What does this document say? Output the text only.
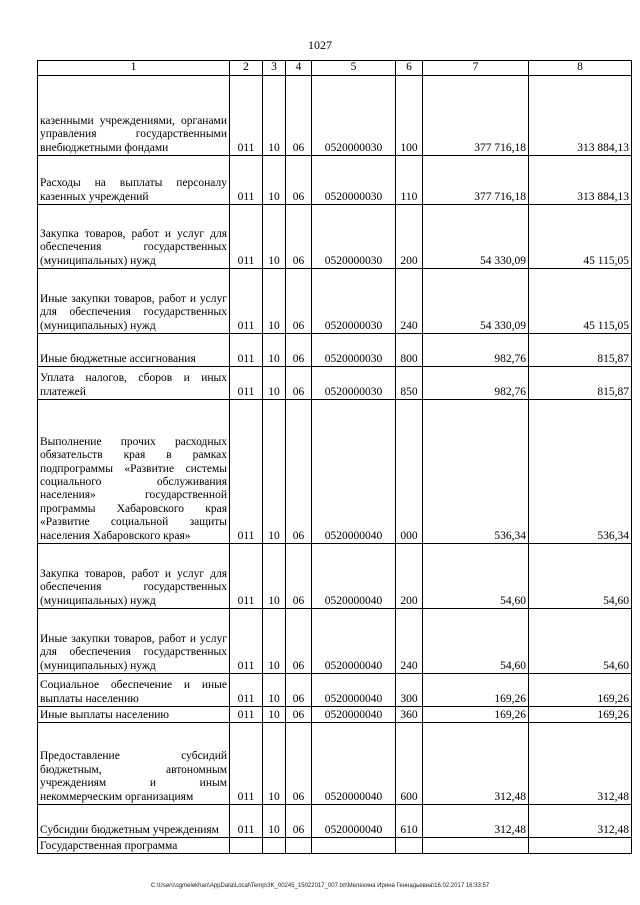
1027
1	2	3	4	5	6	7	8
казенными учреждениями, органами управления государственными внебюджетными фондами	011	10	06	0520000030	100	377 716,18	313 884,13
Расходы на выплаты персоналу казенных учреждений	011	10	06	0520000030	110	377 716,18	313 884,13
Закупка товаров, работ и услуг для обеспечения государственных (муниципальных) нужд	011	10	06	0520000030	200	54 330,09	45 115,05
Иные закупки товаров, работ и услуг для обеспечения государственных (муниципальных) нужд	011	10	06	0520000030	240	54 330,09	45 115,05
Иные бюджетные ассигнования	011	10	06	0520000030	800	982,76	815,87
Уплата налогов, сборов и иных платежей	011	10	06	0520000030	850	982,76	815,87
Выполнение прочих расходных обязательств края в рамках подпрограммы «Развитие системы социального обслуживания населения» государственной программы Хабаровского края «Развитие социальной защиты населения Хабаровского края»	011	10	06	0520000040	000	536,34	536,34
Закупка товаров, работ и услуг для обеспечения государственных (муниципальных) нужд	011	10	06	0520000040	200	54,60	54,60
Иные закупки товаров, работ и услуг для обеспечения государственных (муниципальных) нужд	011	10	06	0520000040	240	54,60	54,60
Социальное обеспечение и иные выплаты населению	011	10	06	0520000040	300	169,26	169,26
Иные выплаты населению	011	10	06	0520000040	360	169,26	169,26
Предоставление субсидий бюджетным, автономным учреждениям и иным некоммерческим организациям	011	10	06	0520000040	600	312,48	312,48
Субсидии бюджетным учреждениям	011	10	06	0520000040	610	312,48	312,48
Государственная программа							
C:\Users\sgmelekhan\AppData\Local\Temp\3K_00245_15022017_007.txt\Мелехина Ирина Геннадьевна\16.02.2017 16:33:57
